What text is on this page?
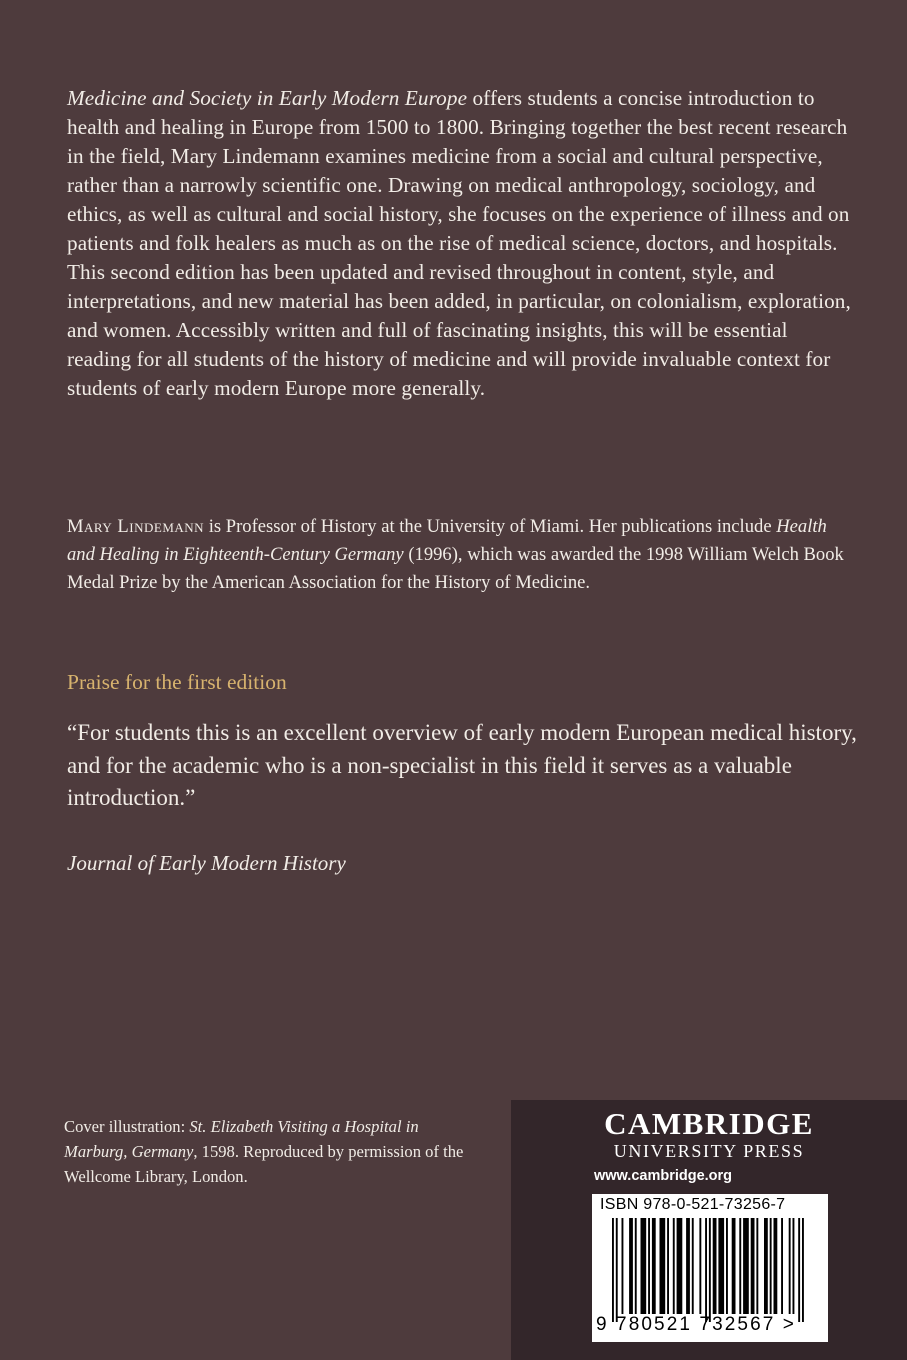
Medicine and Society in Early Modern Europe offers students a concise introduction to health and healing in Europe from 1500 to 1800. Bringing together the best recent research in the field, Mary Lindemann examines medicine from a social and cultural perspective, rather than a narrowly scientific one. Drawing on medical anthropology, sociology, and ethics, as well as cultural and social history, she focuses on the experience of illness and on patients and folk healers as much as on the rise of medical science, doctors, and hospitals. This second edition has been updated and revised throughout in content, style, and interpretations, and new material has been added, in particular, on colonialism, exploration, and women. Accessibly written and full of fascinating insights, this will be essential reading for all students of the history of medicine and will provide invaluable context for students of early modern Europe more generally.

Mary Lindemann is Professor of History at the University of Miami. Her publications include Health and Healing in Eighteenth-Century Germany (1996), which was awarded the 1998 William Welch Book Medal Prize by the American Association for the History of Medicine.

Praise for the first edition

“For students this is an excellent overview of early modern European medical history, and for the academic who is a non-specialist in this field it serves as a valuable introduction.”

Journal of Early Modern History

Cover illustration: St. Elizabeth Visiting a Hospital in Marburg, Germany, 1598. Reproduced by permission of the Wellcome Library, London.

CAMBRIDGE
UNIVERSITY PRESS
www.cambridge.org
ISBN 978-0-521-73256-7
9 780521 732567 >
